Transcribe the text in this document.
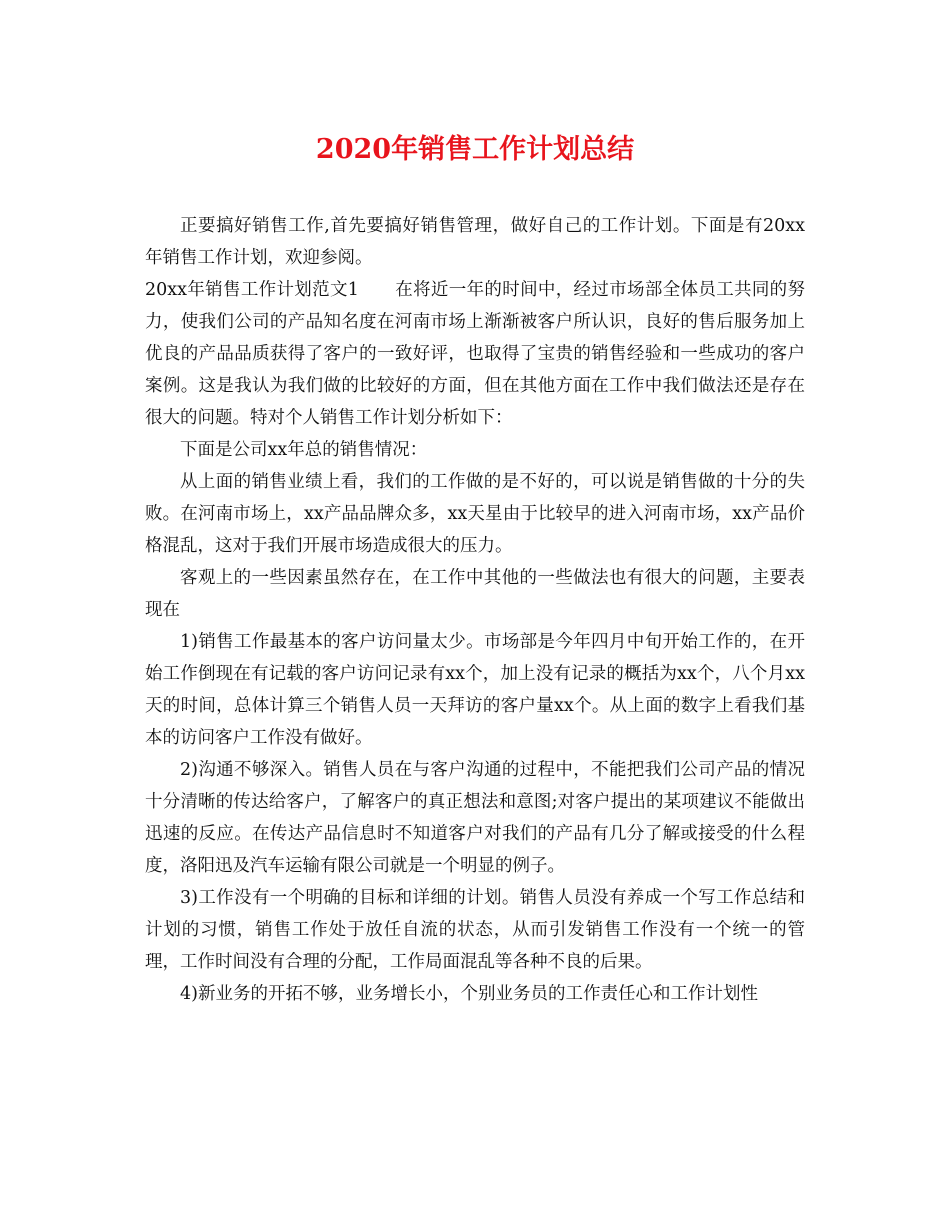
2020年销售工作计划总结

正要搞好销售工作,首先要搞好销售管理，做好自己的工作计划。下面是有20xx年销售工作计划，欢迎参阅。

20xx年销售工作计划范文1 在将近一年的时间中，经过市场部全体员工共同的努力，使我们公司的产品知名度在河南市场上渐渐被客户所认识，良好的售后服务加上优良的产品品质获得了客户的一致好评，也取得了宝贵的销售经验和一些成功的客户案例。这是我认为我们做的比较好的方面，但在其他方面在工作中我们做法还是存在很大的问题。特对个人销售工作计划分析如下：

下面是公司xx年总的销售情况：

从上面的销售业绩上看，我们的工作做的是不好的，可以说是销售做的十分的失败。在河南市场上，xx产品品牌众多，xx天星由于比较早的进入河南市场，xx产品价格混乱，这对于我们开展市场造成很大的压力。

客观上的一些因素虽然存在，在工作中其他的一些做法也有很大的问题，主要表现在

1)销售工作最基本的客户访问量太少。市场部是今年四月中旬开始工作的，在开始工作倒现在有记载的客户访问记录有xx个，加上没有记录的概括为xx个，八个月xx天的时间，总体计算三个销售人员一天拜访的客户量xx个。从上面的数字上看我们基本的访问客户工作没有做好。

2)沟通不够深入。销售人员在与客户沟通的过程中，不能把我们公司产品的情况十分清晰的传达给客户，了解客户的真正想法和意图;对客户提出的某项建议不能做出迅速的反应。在传达产品信息时不知道客户对我们的产品有几分了解或接受的什么程度，洛阳迅及汽车运输有限公司就是一个明显的例子。

3)工作没有一个明确的目标和详细的计划。销售人员没有养成一个写工作总结和计划的习惯，销售工作处于放任自流的状态，从而引发销售工作没有一个统一的管理，工作时间没有合理的分配，工作局面混乱等各种不良的后果。

4)新业务的开拓不够，业务增长小，个别业务员的工作责任心和工作计划性
